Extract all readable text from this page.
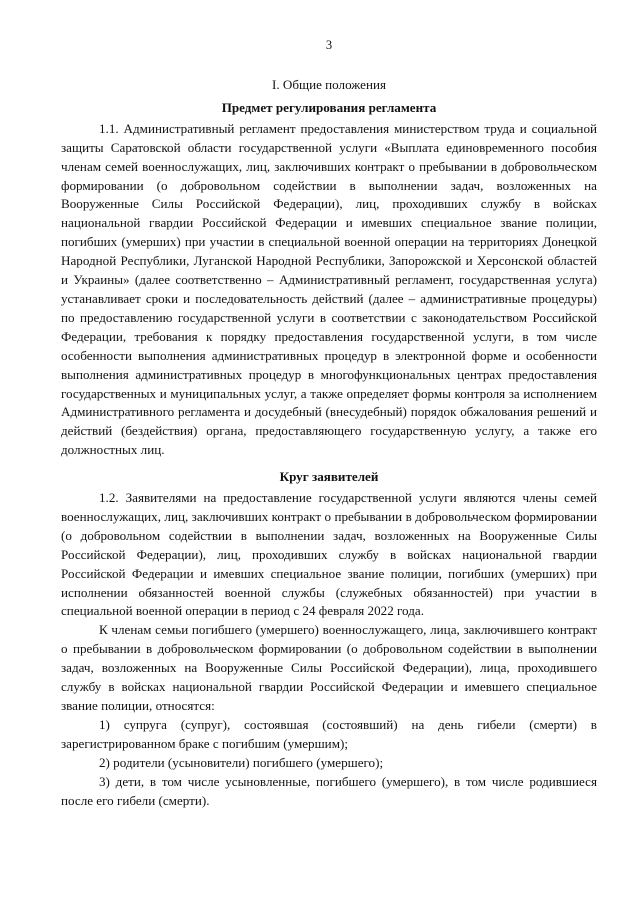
3

I. Общие положения

Предмет регулирования регламента

1.1. Административный регламент предоставления министерством труда и социальной защиты Саратовской области государственной услуги «Выплата единовременного пособия членам семей военнослужащих, лиц, заключивших контракт о пребывании в добровольческом формировании (о добровольном содействии в выполнении задач, возложенных на Вооруженные Силы Российской Федерации), лиц, проходивших службу в войсках национальной гвардии Российской Федерации и имевших специальное звание полиции, погибших (умерших) при участии в специальной военной операции на территориях Донецкой Народной Республики, Луганской Народной Республики, Запорожской и Херсонской областей и Украины» (далее соответственно – Административный регламент, государственная услуга) устанавливает сроки и последовательность действий (далее – административные процедуры) по предоставлению государственной услуги в соответствии с законодательством Российской Федерации, требования к порядку предоставления государственной услуги, в том числе особенности выполнения административных процедур в электронной форме и особенности выполнения административных процедур в многофункциональных центрах предоставления государственных и муниципальных услуг, а также определяет формы контроля за исполнением Административного регламента и досудебный (внесудебный) порядок обжалования решений и действий (бездействия) органа, предоставляющего государственную услугу, а также его должностных лиц.

Круг заявителей

1.2. Заявителями на предоставление государственной услуги являются члены семей военнослужащих, лиц, заключивших контракт о пребывании в добровольческом формировании (о добровольном содействии в выполнении задач, возложенных на Вооруженные Силы Российской Федерации), лиц, проходивших службу в войсках национальной гвардии Российской Федерации и имевших специальное звание полиции, погибших (умерших) при исполнении обязанностей военной службы (служебных обязанностей) при участии в специальной военной операции в период с 24 февраля 2022 года.

К членам семьи погибшего (умершего) военнослужащего, лица, заключившего контракт о пребывании в добровольческом формировании (о добровольном содействии в выполнении задач, возложенных на Вооруженные Силы Российской Федерации), лица, проходившего службу в войсках национальной гвардии Российской Федерации и имевшего специальное звание полиции, относятся:

1) супруга (супруг), состоявшая (состоявший) на день гибели (смерти) в зарегистрированном браке с погибшим (умершим);

2) родители (усыновители) погибшего (умершего);

3) дети, в том числе усыновленные, погибшего (умершего), в том числе родившиеся после его гибели (смерти).
